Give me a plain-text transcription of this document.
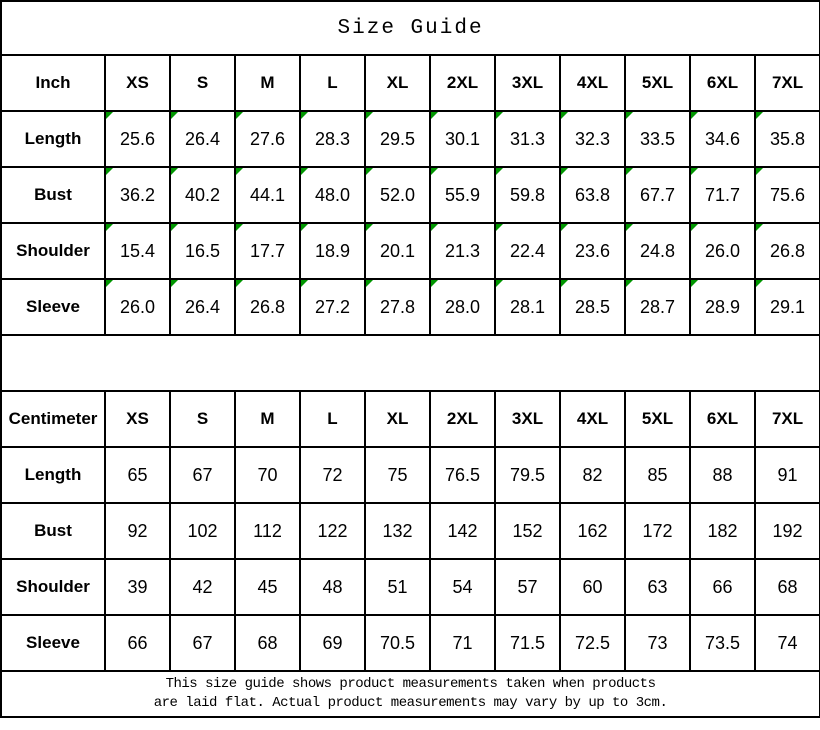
Size Guide											
Inch	XS	S	M	L	XL	2XL	3XL	4XL	5XL	6XL	7XL
Length	25.6	26.4	27.6	28.3	29.5	30.1	31.3	32.3	33.5	34.6	35.8
Bust	36.2	40.2	44.1	48.0	52.0	55.9	59.8	63.8	67.7	71.7	75.6
Shoulder	15.4	16.5	17.7	18.9	20.1	21.3	22.4	23.6	24.8	26.0	26.8
Sleeve	26.0	26.4	26.8	27.2	27.8	28.0	28.1	28.5	28.7	28.9	29.1

Centimeter	XS	S	M	L	XL	2XL	3XL	4XL	5XL	6XL	7XL
Length	65	67	70	72	75	76.5	79.5	82	85	88	91
Bust	92	102	112	122	132	142	152	162	172	182	192
Shoulder	39	42	45	48	51	54	57	60	63	66	68
Sleeve	66	67	68	69	70.5	71	71.5	72.5	73	73.5	74

This size guide shows product measurements taken when products
are laid flat. Actual product measurements may vary by up to 3cm.											
